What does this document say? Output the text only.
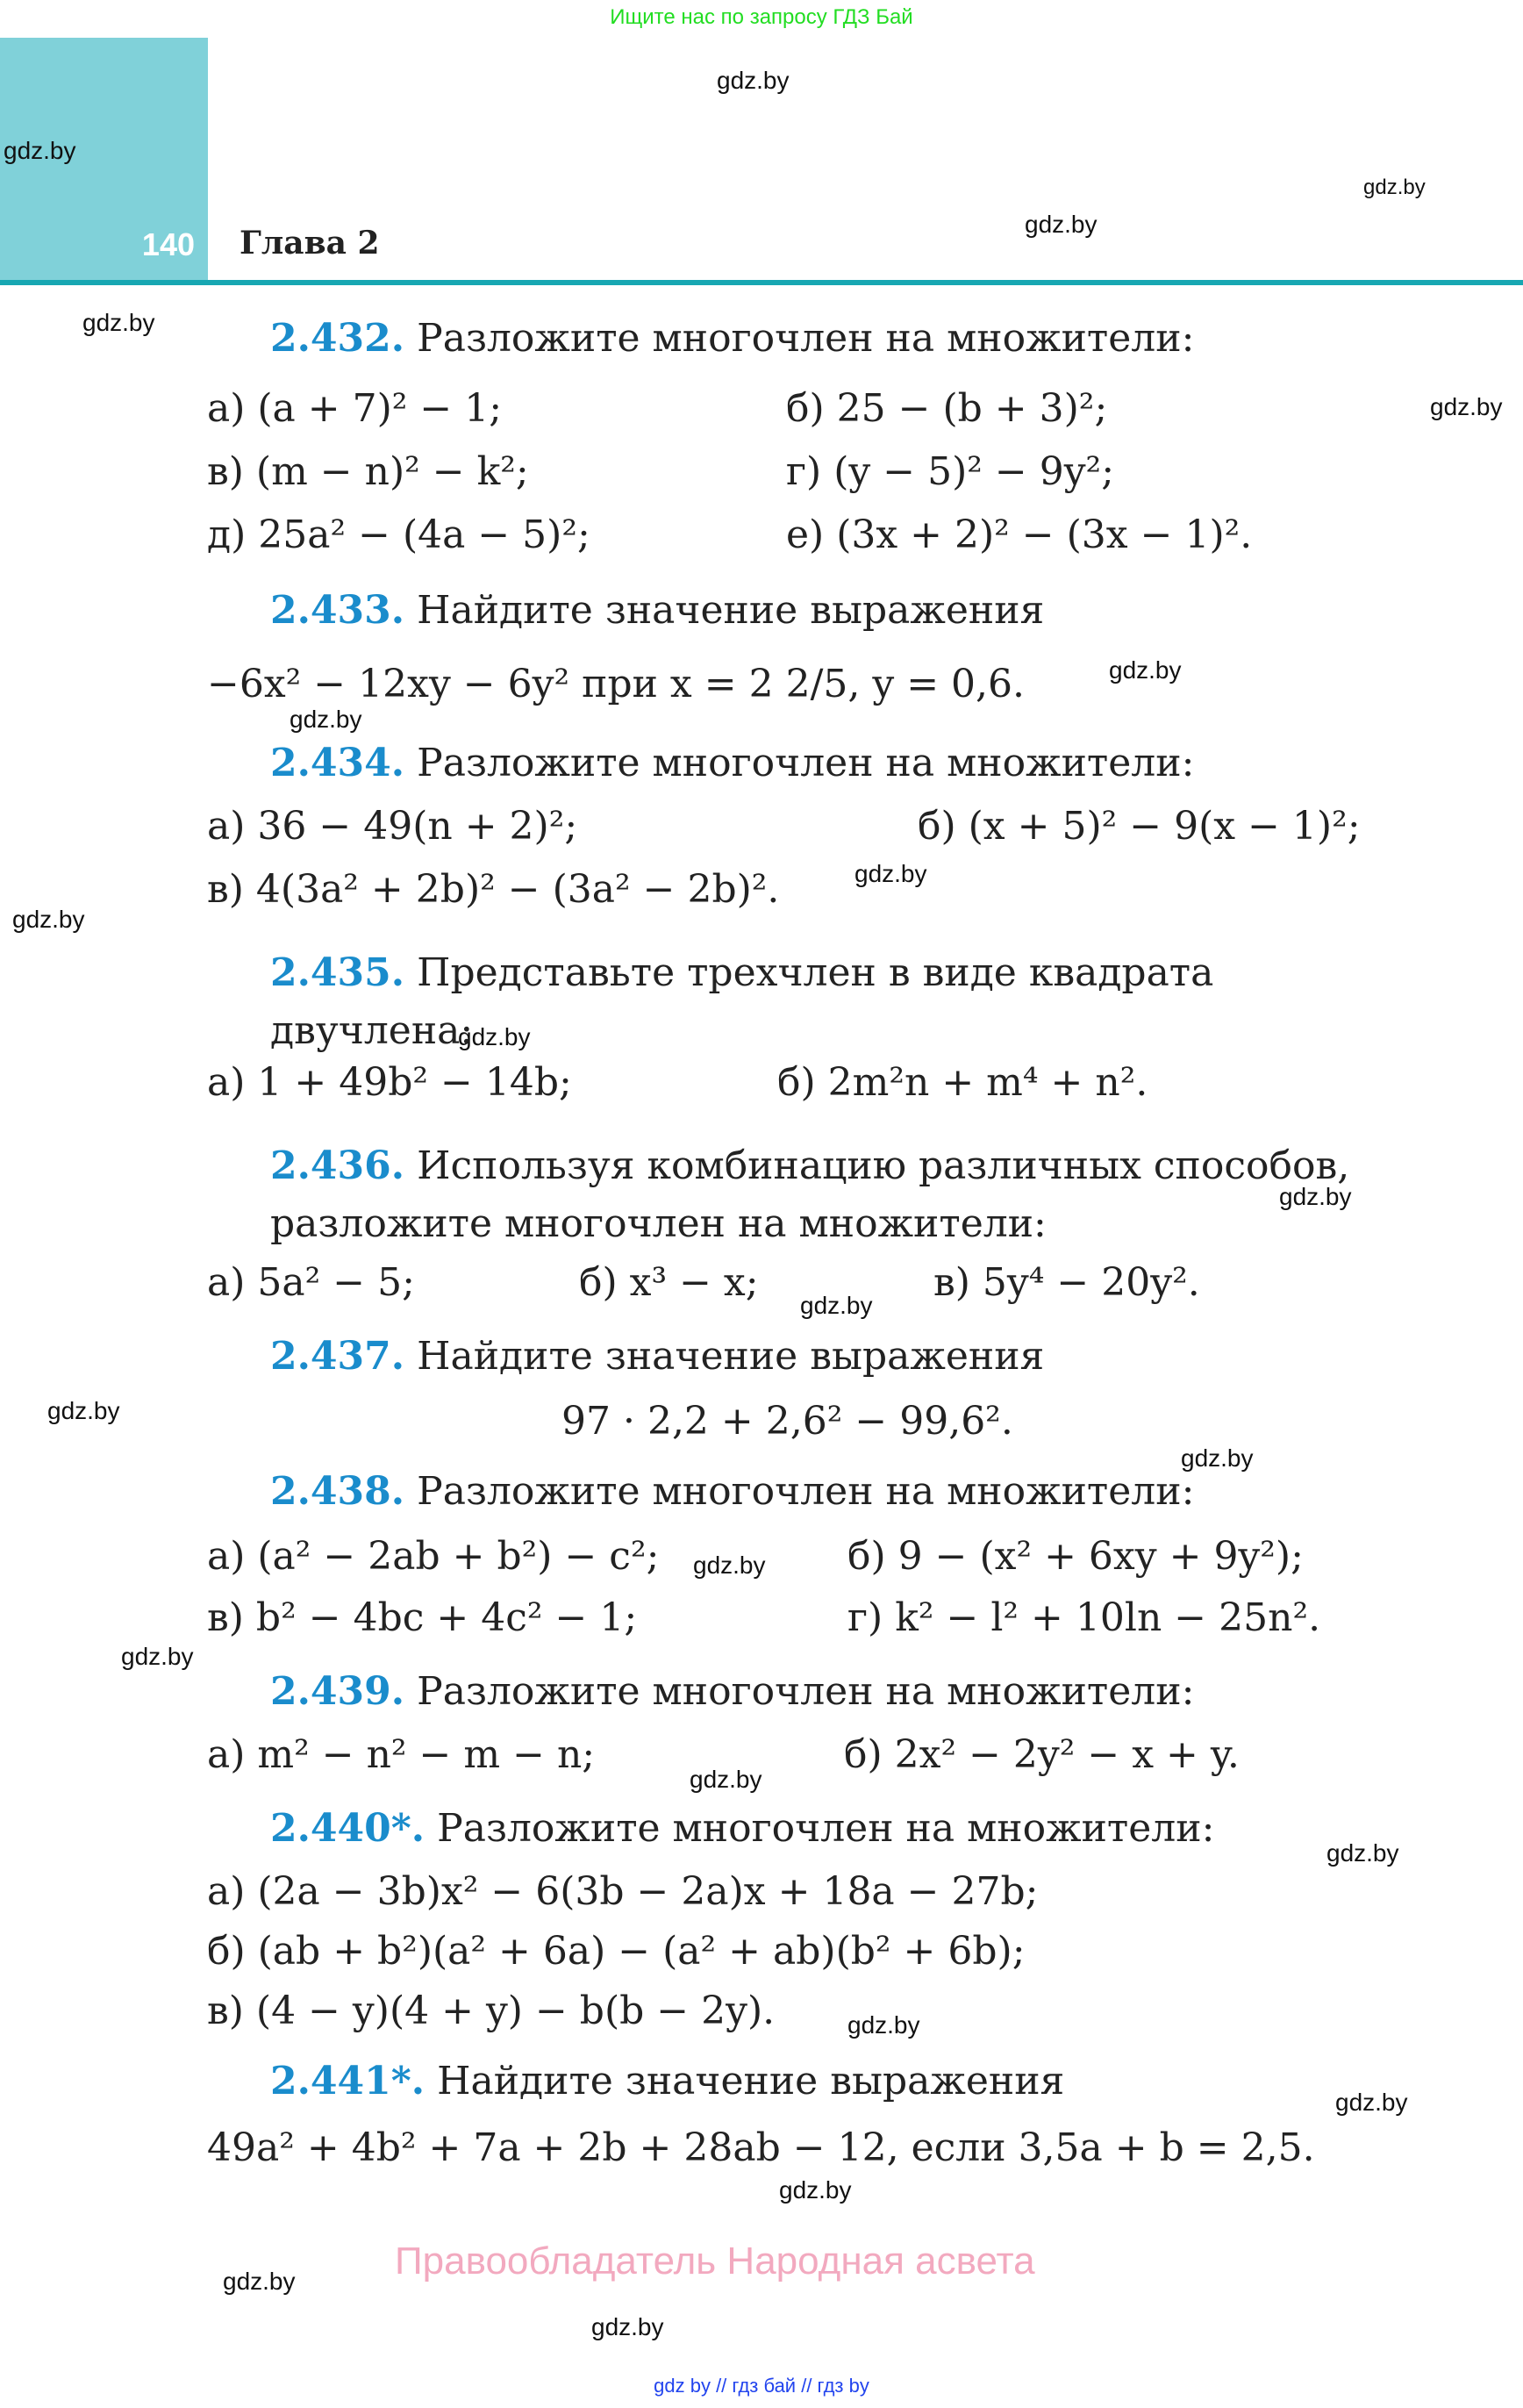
Ищите нас по запросу ГДЗ Бай
140 Глава 2
gdz.by
gdz.by
gdz.by
gdz.by
gdz.by
gdz.by
gdz.by
gdz.by
gdz.by
gdz.by
gdz.by
gdz.by
gdz.by
gdz.by
gdz.by
gdz.by
gdz.by
gdz.by
gdz.by
gdz.by
gdz.by
gdz.by
gdz.by
gdz.by
2.432. Разложите многочлен на множители:
а) (a + 7)² − 1;	б) 25 − (b + 3)²;
в) (m − n)² − k²;	г) (y − 5)² − 9y²;
д) 25a² − (4a − 5)²;	е) (3x + 2)² − (3x − 1)².
2.433. Найдите значение выражения
−6x² − 12xy − 6y² при x = 2 2/5, y = 0,6.
2.434. Разложите многочлен на множители:
а) 36 − 49(n + 2)²;	б) (x + 5)² − 9(x − 1)²;
в) 4(3a² + 2b)² − (3a² − 2b)².
2.435. Представьте трехчлен в виде квадрата двучлена:
а) 1 + 49b² − 14b;	б) 2m²n + m⁴ + n².
2.436. Используя комбинацию различных способов, разложите многочлен на множители:
а) 5a² − 5;	б) x³ − x;	в) 5y⁴ − 20y².
2.437. Найдите значение выражения
97 · 2,2 + 2,6² − 99,6².
2.438. Разложите многочлен на множители:
а) (a² − 2ab + b²) − c²;	б) 9 − (x² + 6xy + 9y²);
в) b² − 4bc + 4c² − 1;	г) k² − l² + 10ln − 25n².
2.439. Разложите многочлен на множители:
а) m² − n² − m − n;	б) 2x² − 2y² − x + y.
2.440*. Разложите многочлен на множители:
а) (2a − 3b)x² − 6(3b − 2a)x + 18a − 27b;
б) (ab + b²)(a² + 6a) − (a² + ab)(b² + 6b);
в) (4 − y)(4 + y) − b(b − 2y).
2.441*. Найдите значение выражения
49a² + 4b² + 7a + 2b + 28ab − 12, если 3,5a + b = 2,5.
Правообладатель Народная асвета
gdz by // гдз бай // гдз by
